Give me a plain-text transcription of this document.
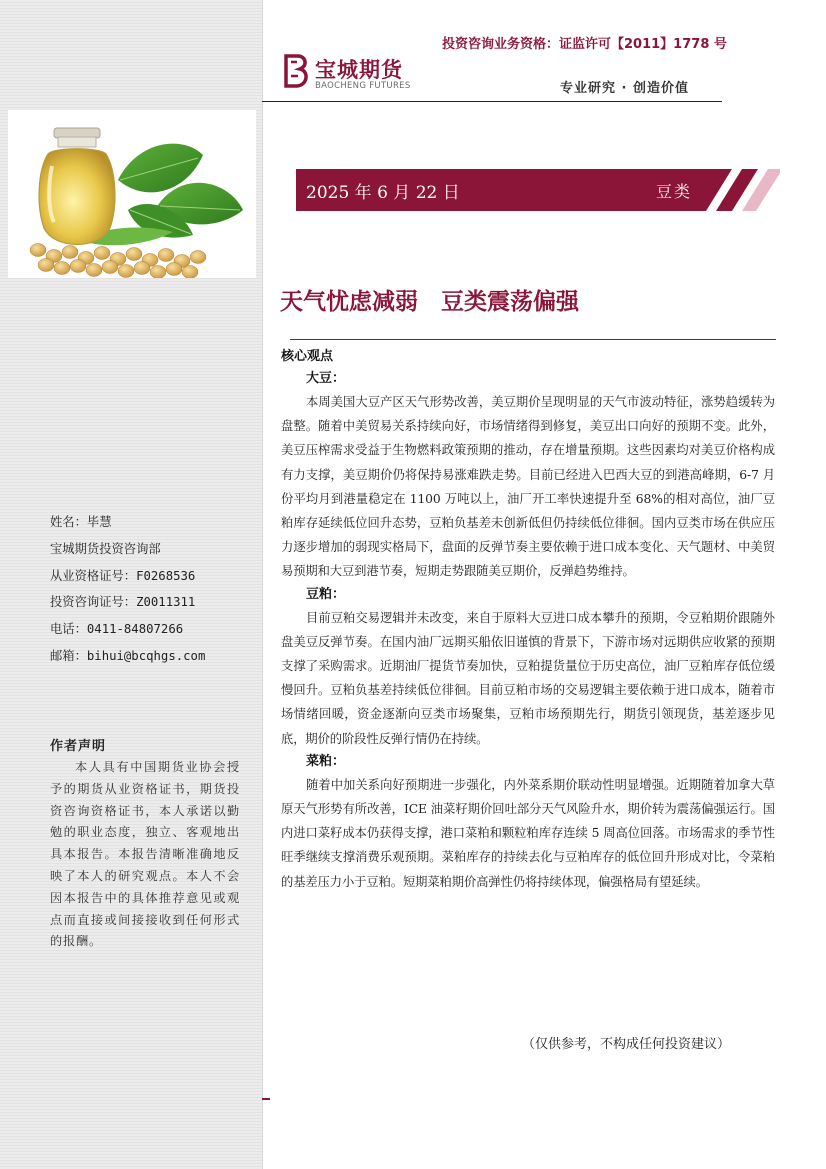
投资咨询业务资格：证监许可【2011】1778 号
宝城期货
BAOCHENG FUTURES	专业研究 · 创造价值
2025 年 6 月 22 日	豆类
天气忧虑减弱　豆类震荡偏强
核心观点
大豆：

本周美国大豆产区天气形势改善，美豆期价呈现明显的天气市波动特征，涨势趋缓转为盘整。随着中美贸易关系持续向好，市场情绪得到修复，美豆出口向好的预期不变。此外，美豆压榨需求受益于生物燃料政策预期的推动，存在增量预期。这些因素均对美豆价格构成有力支撑，美豆期价仍将保持易涨难跌走势。目前已经进入巴西大豆的到港高峰期，6-7 月份平均月到港量稳定在 1100 万吨以上，油厂开工率快速提升至 68%的相对高位，油厂豆粕库存延续低位回升态势，豆粕负基差未创新低但仍持续低位徘徊。国内豆类市场在供应压力逐步增加的弱现实格局下，盘面的反弹节奏主要依赖于进口成本变化、天气题材、中美贸易预期和大豆到港节奏，短期走势跟随美豆期价，反弹趋势维持。

豆粕：

目前豆粕交易逻辑并未改变，来自于原料大豆进口成本攀升的预期，令豆粕期价跟随外盘美豆反弹节奏。在国内油厂远期买船依旧谨慎的背景下，下游市场对远期供应收紧的预期支撑了采购需求。近期油厂提货节奏加快，豆粕提货量位于历史高位，油厂豆粕库存低位缓慢回升。豆粕负基差持续低位徘徊。目前豆粕市场的交易逻辑主要依赖于进口成本，随着市场情绪回暖，资金逐渐向豆类市场聚集，豆粕市场预期先行，期货引领现货，基差逐步见底，期价的阶段性反弹行情仍在持续。

菜粕：

随着中加关系向好预期进一步强化，内外菜系期价联动性明显增强。近期随着加拿大草原天气形势有所改善，ICE 油菜籽期价回吐部分天气风险升水，期价转为震荡偏强运行。国内进口菜籽成本仍获得支撑，港口菜粕和颗粒粕库存连续 5 周高位回落。市场需求的季节性旺季继续支撑消费乐观预期。菜粕库存的持续去化与豆粕库存的低位回升形成对比，令菜粕的基差压力小于豆粕。短期菜粕期价高弹性仍将持续体现，偏强格局有望延续。

（仅供参考，不构成任何投资建议）
姓名：毕慧
宝城期货投资咨询部
从业资格证号：F0268536
投资咨询证号：Z0011311
电话：0411-84807266
邮箱：bihui@bcqhgs.com
作者声明
本人具有中国期货业协会授予的期货从业资格证书，期货投资咨询资格证书，本人承诺以勤勉的职业态度，独立、客观地出具本报告。本报告清晰准确地反映了本人的研究观点。本人不会因本报告中的具体推荐意见或观点而直接或间接接收到任何形式的报酬。
